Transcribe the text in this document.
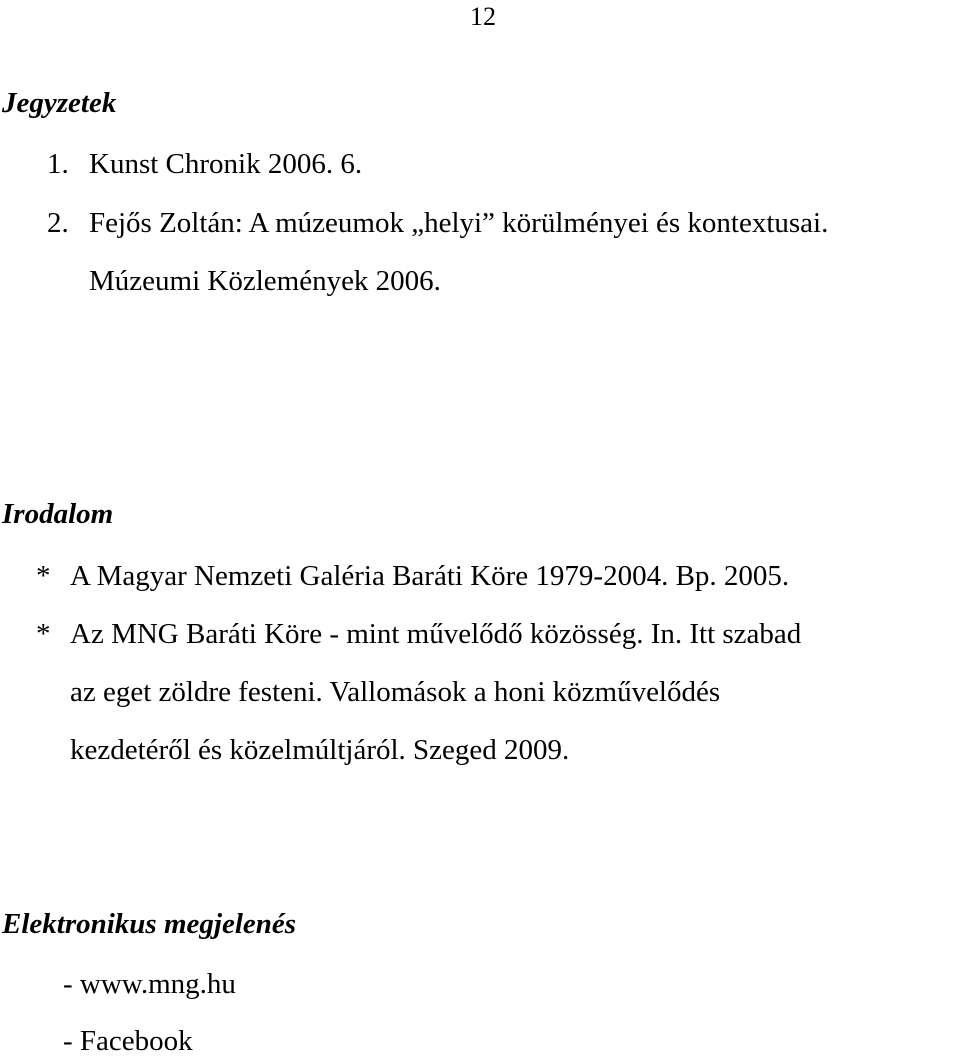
12
Jegyzetek
1. Kunst Chronik 2006. 6.
2. Fejős Zoltán: A múzeumok „helyi” körülményei és kontextusai.
Múzeumi Közlemények 2006.
Irodalom
* A Magyar Nemzeti Galéria Baráti Köre 1979-2004. Bp. 2005.
* Az MNG Baráti Köre - mint művelődő közösség. In. Itt szabad
az eget zöldre festeni. Vallomások a honi közművelődés
kezdetéről és közelmúltjáról. Szeged 2009.
Elektronikus megjelenés
- www.mng.hu
- Facebook
